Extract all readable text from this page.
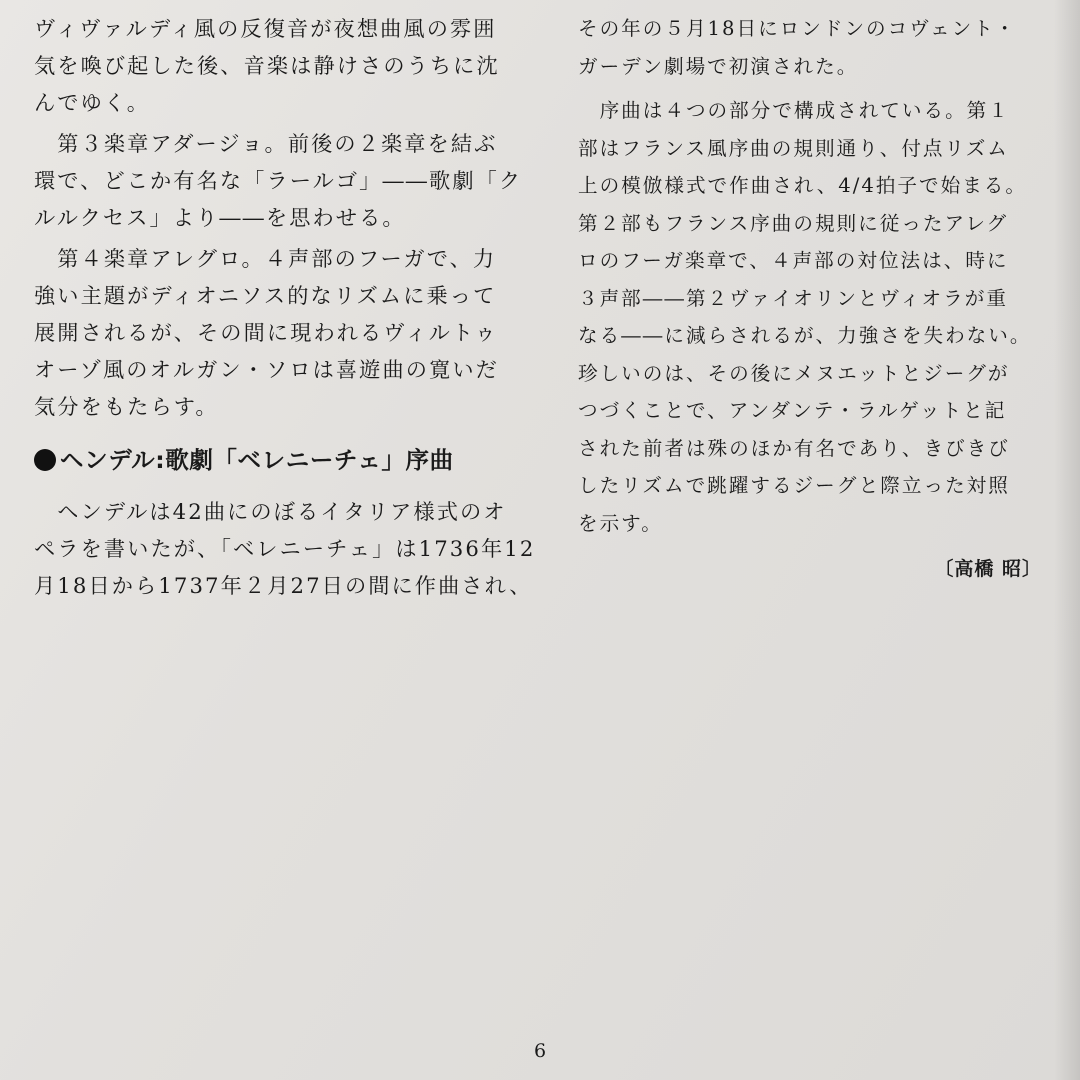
ヴィヴァルディ風の反復音が夜想曲風の雰囲
気を喚び起した後、音楽は静けさのうちに沈
んでゆく。
　第３楽章アダージョ。前後の２楽章を結ぶ
環で、どこか有名な「ラールゴ」――歌劇「ク
ルルクセス」より――を思わせる。
　第４楽章アレグロ。４声部のフーガで、力
強い主題がディオニソス的なリズムに乗って
展開されるが、その間に現われるヴィルトゥ
オーゾ風のオルガン・ソロは喜遊曲の寛いだ
気分をもたらす。
ヘンデル:歌劇「ベレニーチェ」序曲
　ヘンデルは42曲にのぼるイタリア様式のオ
ペラを書いたが、「ベレニーチェ」は1736年12
月18日から1737年２月27日の間に作曲され、
その年の５月18日にロンドンのコヴェント・
ガーデン劇場で初演された。
　序曲は４つの部分で構成されている。第１
部はフランス風序曲の規則通り、付点リズム
上の模倣様式で作曲され、4/4拍子で始まる。
第２部もフランス序曲の規則に従ったアレグ
ロのフーガ楽章で、４声部の対位法は、時に
３声部――第２ヴァイオリンとヴィオラが重
なる――に減らされるが、力強さを失わない。
珍しいのは、その後にメヌエットとジーグが
つづくことで、アンダンテ・ラルゲットと記
された前者は殊のほか有名であり、きびきび
したリズムで跳躍するジーグと際立った対照
を示す。
〔高橋 昭〕
6
